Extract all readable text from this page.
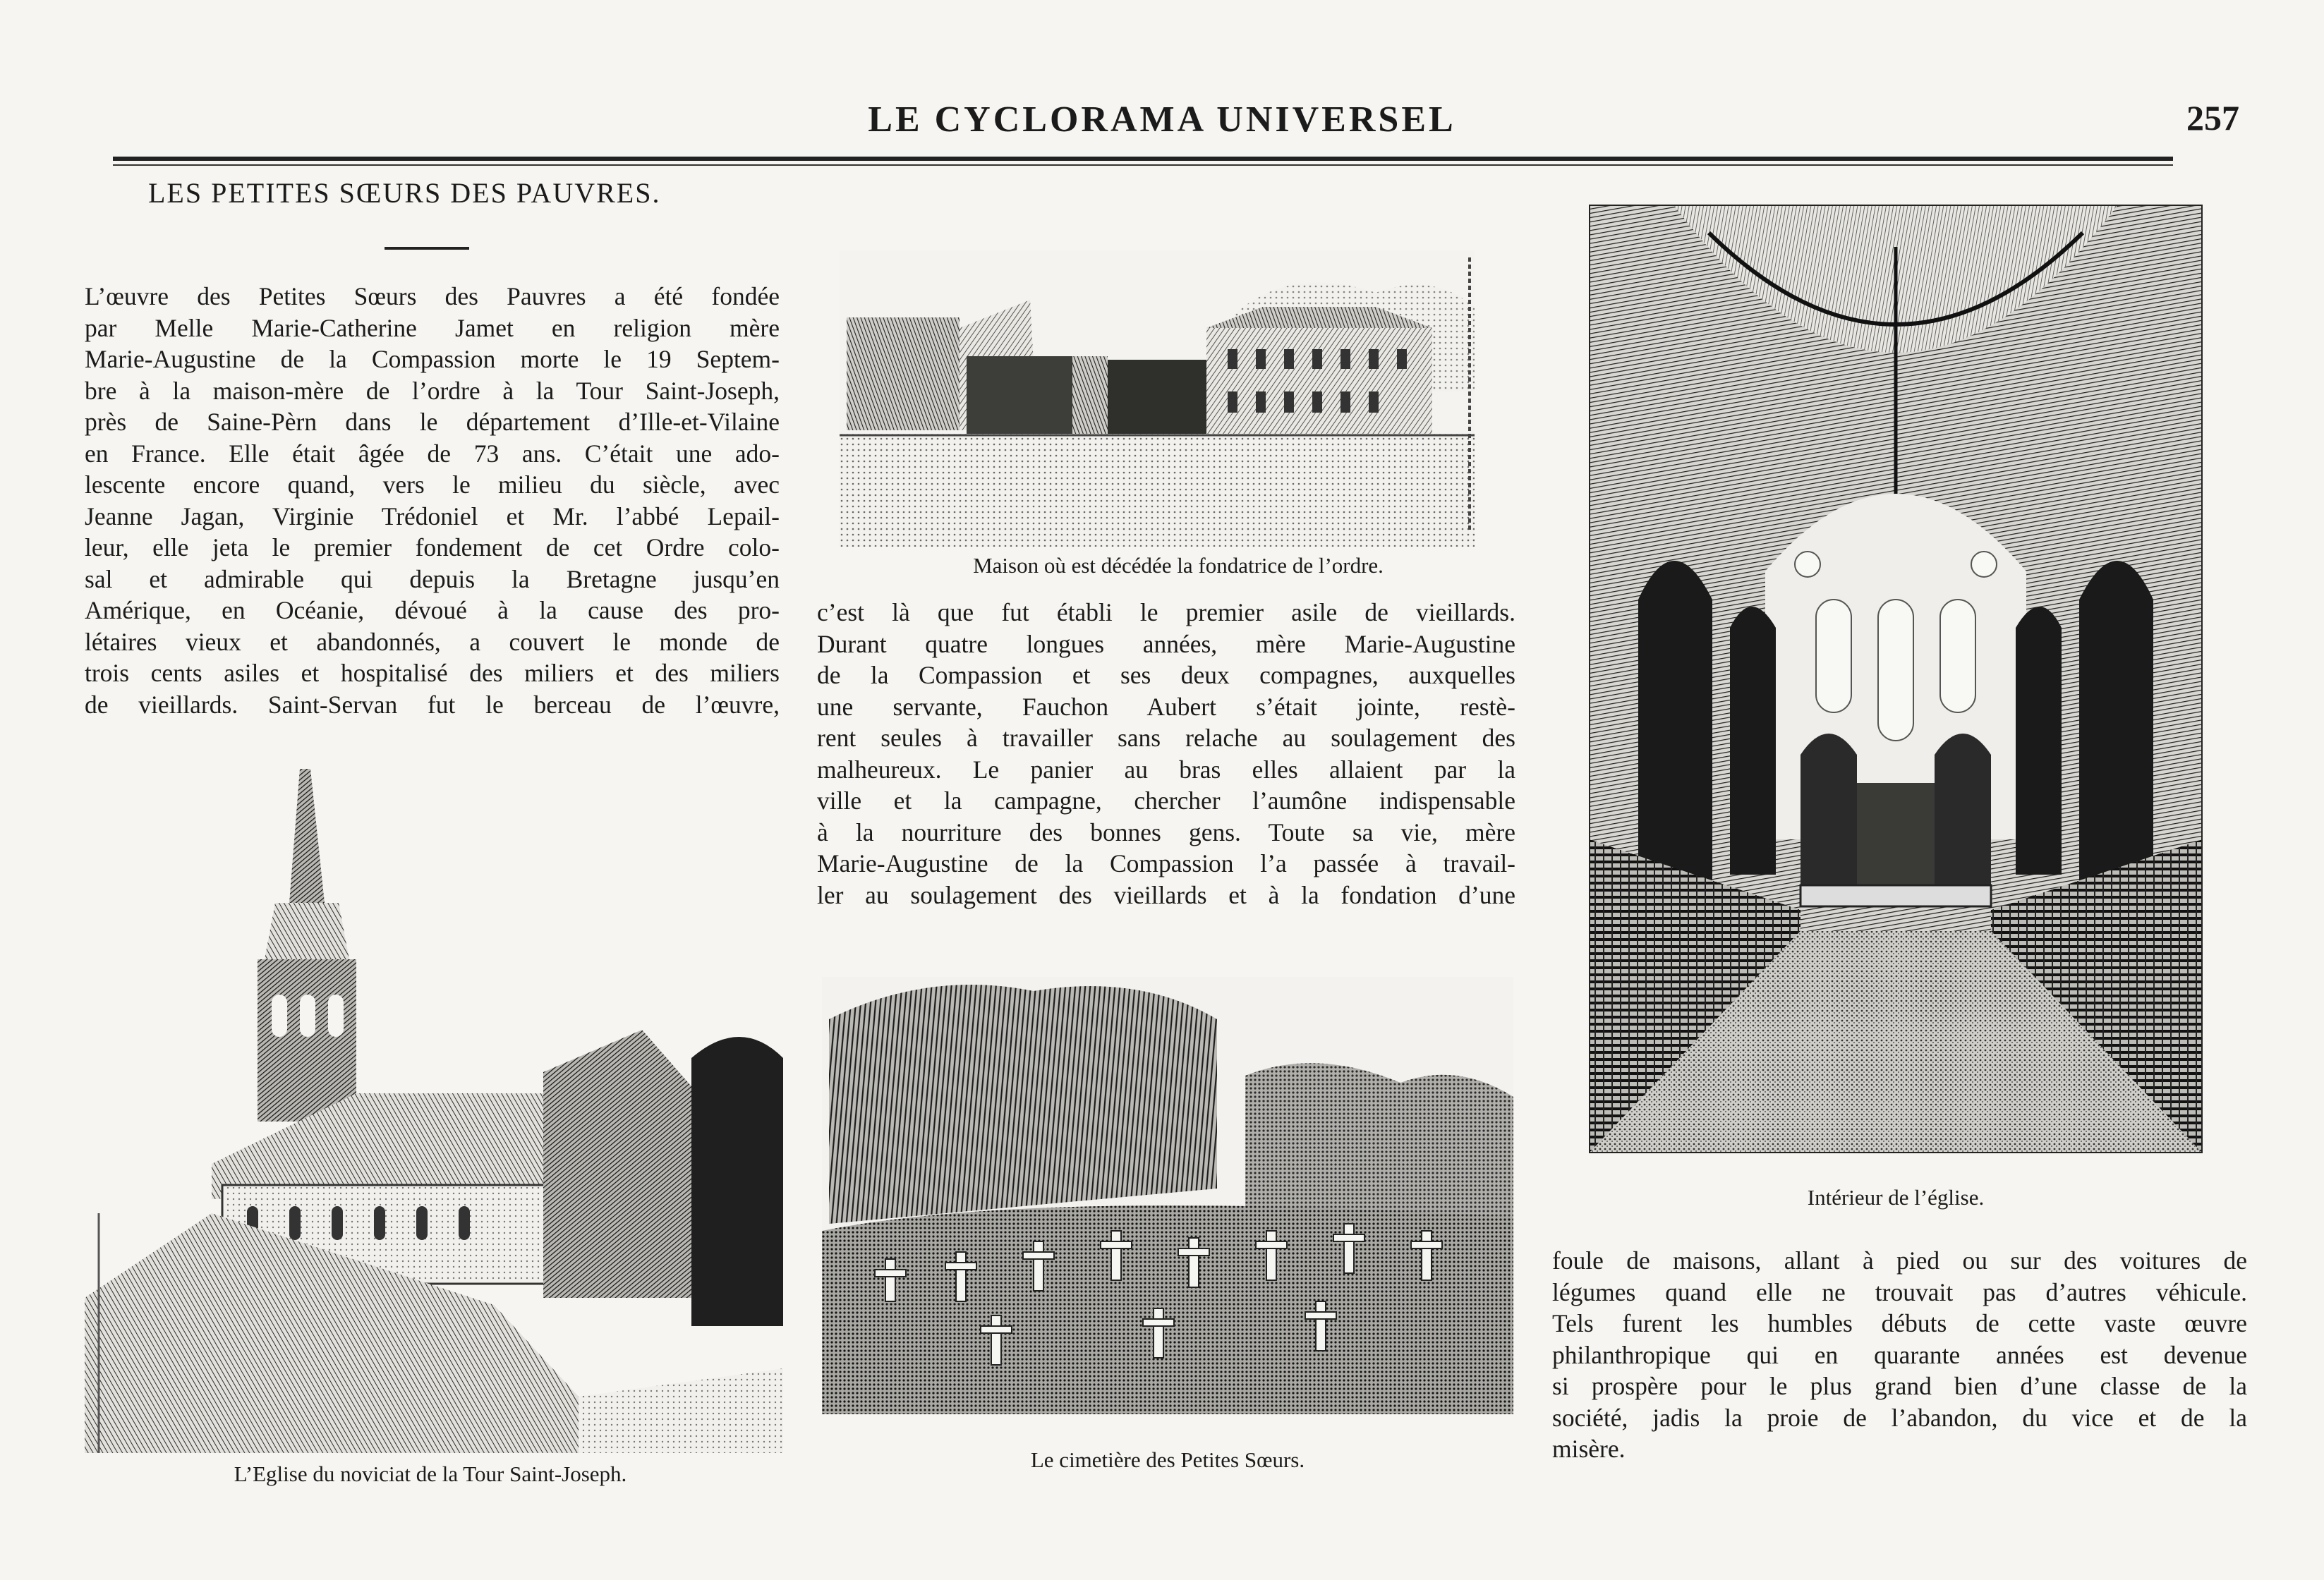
LE CYCLORAMA UNIVERSEL	257
LES PETITES SŒURS DES PAUVRES.
L’œuvre des Petites Sœurs des Pauvres a été fondée
par Melle Marie-Catherine Jamet en religion mère
Marie-Augustine de la Compassion morte le 19 Septem-
bre à la maison-mère de l’ordre à la Tour Saint-Joseph,
près de Saine-Pèrn dans le département d’Ille-et-Vilaine
en France. Elle était âgée de 73 ans. C’était une ado-
lescente encore quand, vers le milieu du siècle, avec
Jeanne Jagan, Virginie Trédoniel et Mr. l’abbé Lepail-
leur, elle jeta le premier fondement de cet Ordre colo-
sal et admirable qui depuis la Bretagne jusqu’en
Amérique, en Océanie, dévoué à la cause des pro-
létaires vieux et abandonnés, a couvert le monde de
trois cents asiles et hospitalisé des miliers et des miliers
de vieillards. Saint-Servan fut le berceau de l’œuvre,
Maison où est décédée la fondatrice de l’ordre.
c’est là que fut établi le premier asile de vieillards.
Durant quatre longues années, mère Marie-Augustine
de la Compassion et ses deux compagnes, auxquelles
une servante, Fauchon Aubert s’était jointe, restè-
rent seules à travailler sans relache au soulagement des
malheureux. Le panier au bras elles allaient par la
ville et la campagne, chercher l’aumône indispensable
à la nourriture des bonnes gens. Toute sa vie, mère
Marie-Augustine de la Compassion l’a passée à travail-
ler au soulagement des vieillards et à la fondation d’une
Intérieur de l’église.
foule de maisons, allant à pied ou sur des voitures de
légumes quand elle ne trouvait pas d’autres véhicule.
Tels furent les humbles débuts de cette vaste œuvre
philanthropique qui en quarante années est devenue
si prospère pour le plus grand bien d’une classe de la
société, jadis la proie de l’abandon, du vice et de la
misère.
L’Eglise du noviciat de la Tour Saint-Joseph.
Le cimetière des Petites Sœurs.
